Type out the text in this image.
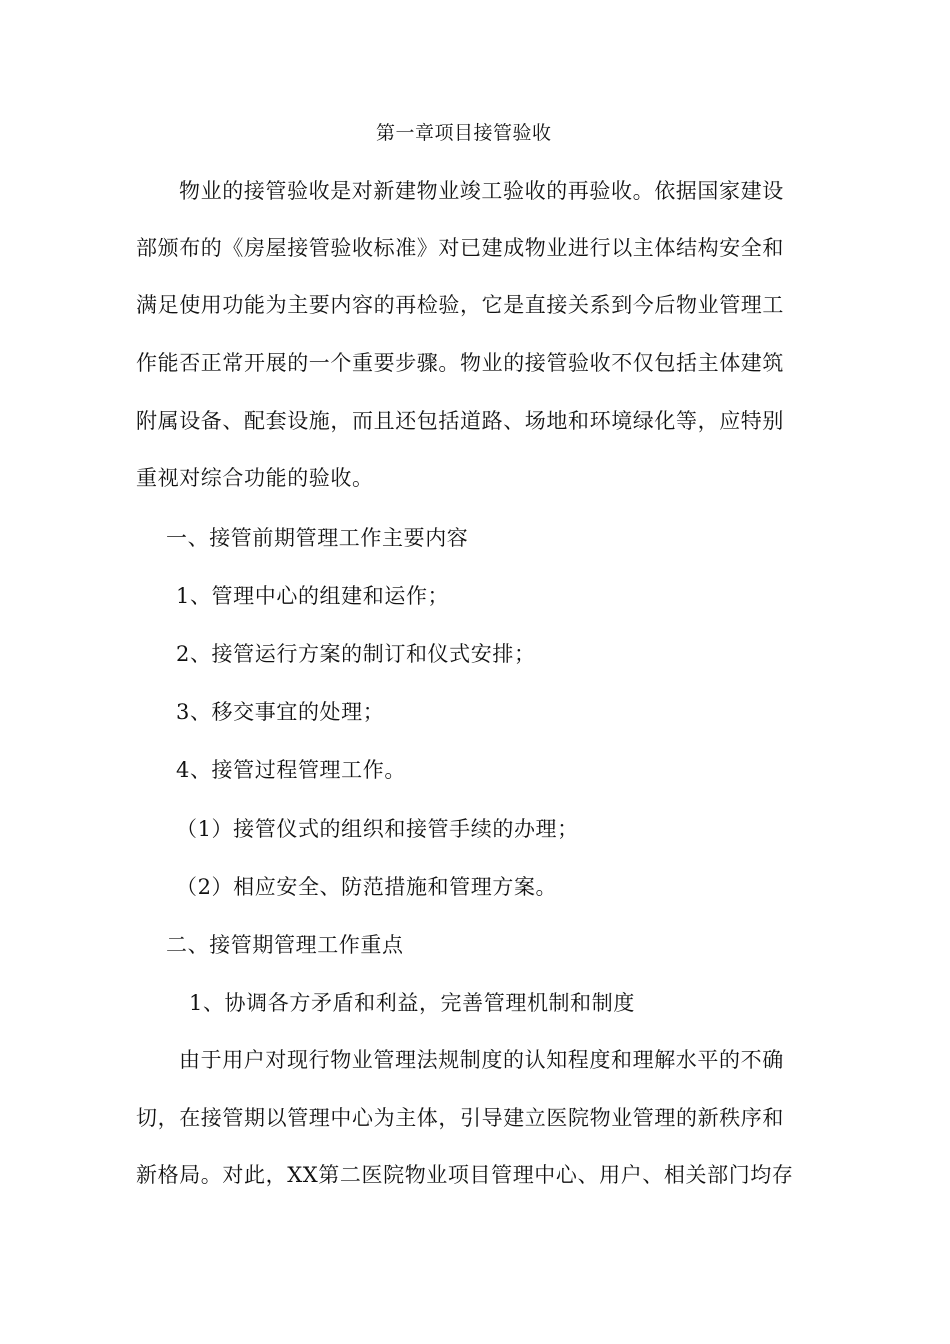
第一章项目接管验收
物业的接管验收是对新建物业竣工验收的再验收。依据国家建设
部颁布的《房屋接管验收标准》对已建成物业进行以主体结构安全和
满足使用功能为主要内容的再检验，它是直接关系到今后物业管理工
作能否正常开展的一个重要步骤。物业的接管验收不仅包括主体建筑
附属设备、配套设施，而且还包括道路、场地和环境绿化等，应特别
重视对综合功能的验收。
一、接管前期管理工作主要内容
1、管理中心的组建和运作；
2、接管运行方案的制订和仪式安排；
3、移交事宜的处理；
4、接管过程管理工作。
（1）接管仪式的组织和接管手续的办理；
（2）相应安全、防范措施和管理方案。
二、接管期管理工作重点
1、协调各方矛盾和利益，完善管理机制和制度
由于用户对现行物业管理法规制度的认知程度和理解水平的不确
切，在接管期以管理中心为主体，引导建立医院物业管理的新秩序和
新格局。对此，XX第二医院物业项目管理中心、用户、相关部门均存
